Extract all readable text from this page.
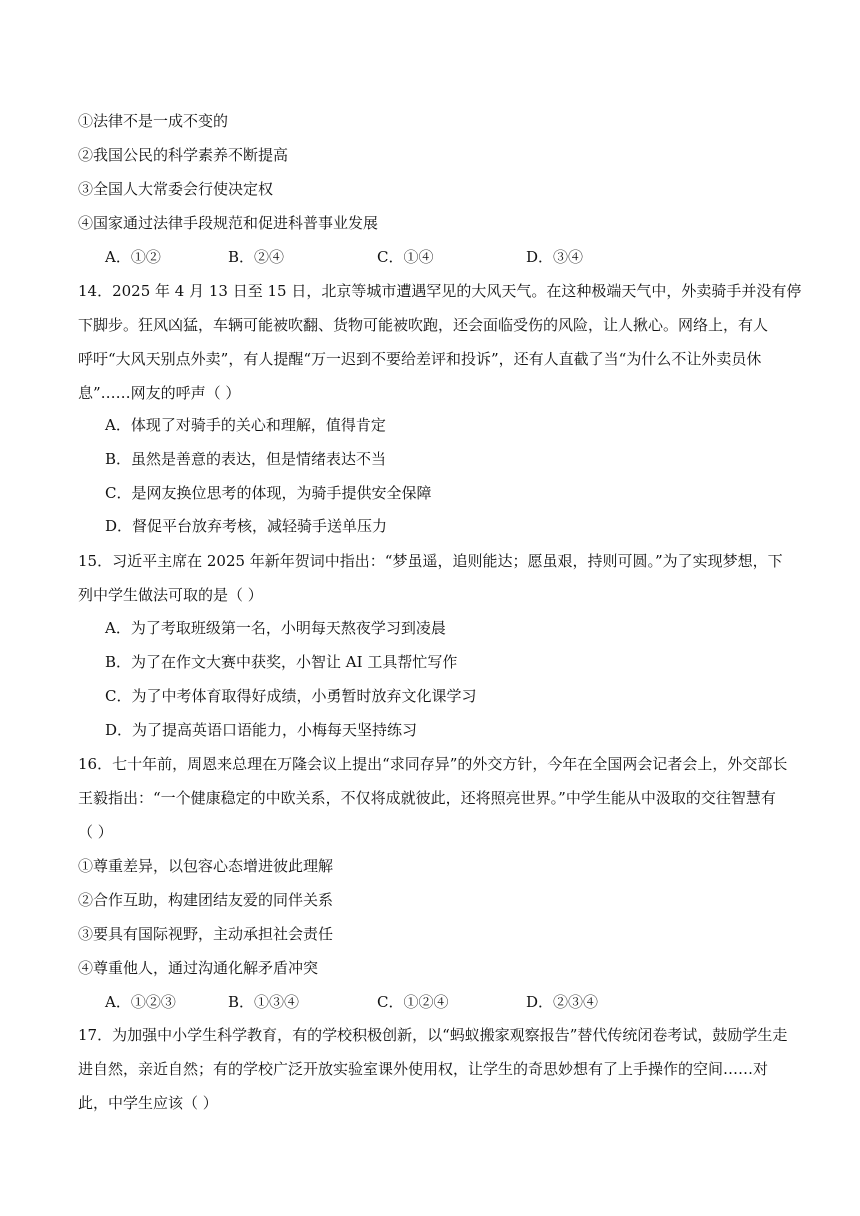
①法律不是一成不变的
②我国公民的科学素养不断提高
③全国人大常委会行使决定权
④国家通过法律手段规范和促进科普事业发展
A．①②	B．②④	C．①④	D．③④
14．2025 年 4 月 13 日至 15 日，北京等城市遭遇罕见的大风天气。在这种极端天气中，外卖骑手并没有停
下脚步。狂风凶猛，车辆可能被吹翻、货物可能被吹跑，还会面临受伤的风险，让人揪心。网络上，有人
呼吁“大风天别点外卖”，有人提醒“万一迟到不要给差评和投诉”，还有人直截了当“为什么不让外卖员休
息”……网友的呼声（ ）
A．体现了对骑手的关心和理解，值得肯定
B．虽然是善意的表达，但是情绪表达不当
C．是网友换位思考的体现，为骑手提供安全保障
D．督促平台放弃考核，减轻骑手送单压力
15．习近平主席在 2025 年新年贺词中指出：“梦虽遥，追则能达；愿虽艰，持则可圆。”为了实现梦想，下
列中学生做法可取的是（ ）
A．为了考取班级第一名，小明每天熬夜学习到凌晨
B．为了在作文大赛中获奖，小智让 AI 工具帮忙写作
C．为了中考体育取得好成绩，小勇暂时放弃文化课学习
D．为了提高英语口语能力，小梅每天坚持练习
16．七十年前，周恩来总理在万隆会议上提出“求同存异”的外交方针，今年在全国两会记者会上，外交部长
王毅指出：“一个健康稳定的中欧关系，不仅将成就彼此，还将照亮世界。”中学生能从中汲取的交往智慧有
（ ）
①尊重差异，以包容心态增进彼此理解
②合作互助，构建团结友爱的同伴关系
③要具有国际视野，主动承担社会责任
④尊重他人，通过沟通化解矛盾冲突
A．①②③	B．①③④	C．①②④	D．②③④
17．为加强中小学生科学教育，有的学校积极创新，以“蚂蚁搬家观察报告”替代传统闭卷考试，鼓励学生走
进自然，亲近自然；有的学校广泛开放实验室课外使用权，让学生的奇思妙想有了上手操作的空间……对
此，中学生应该（ ）
